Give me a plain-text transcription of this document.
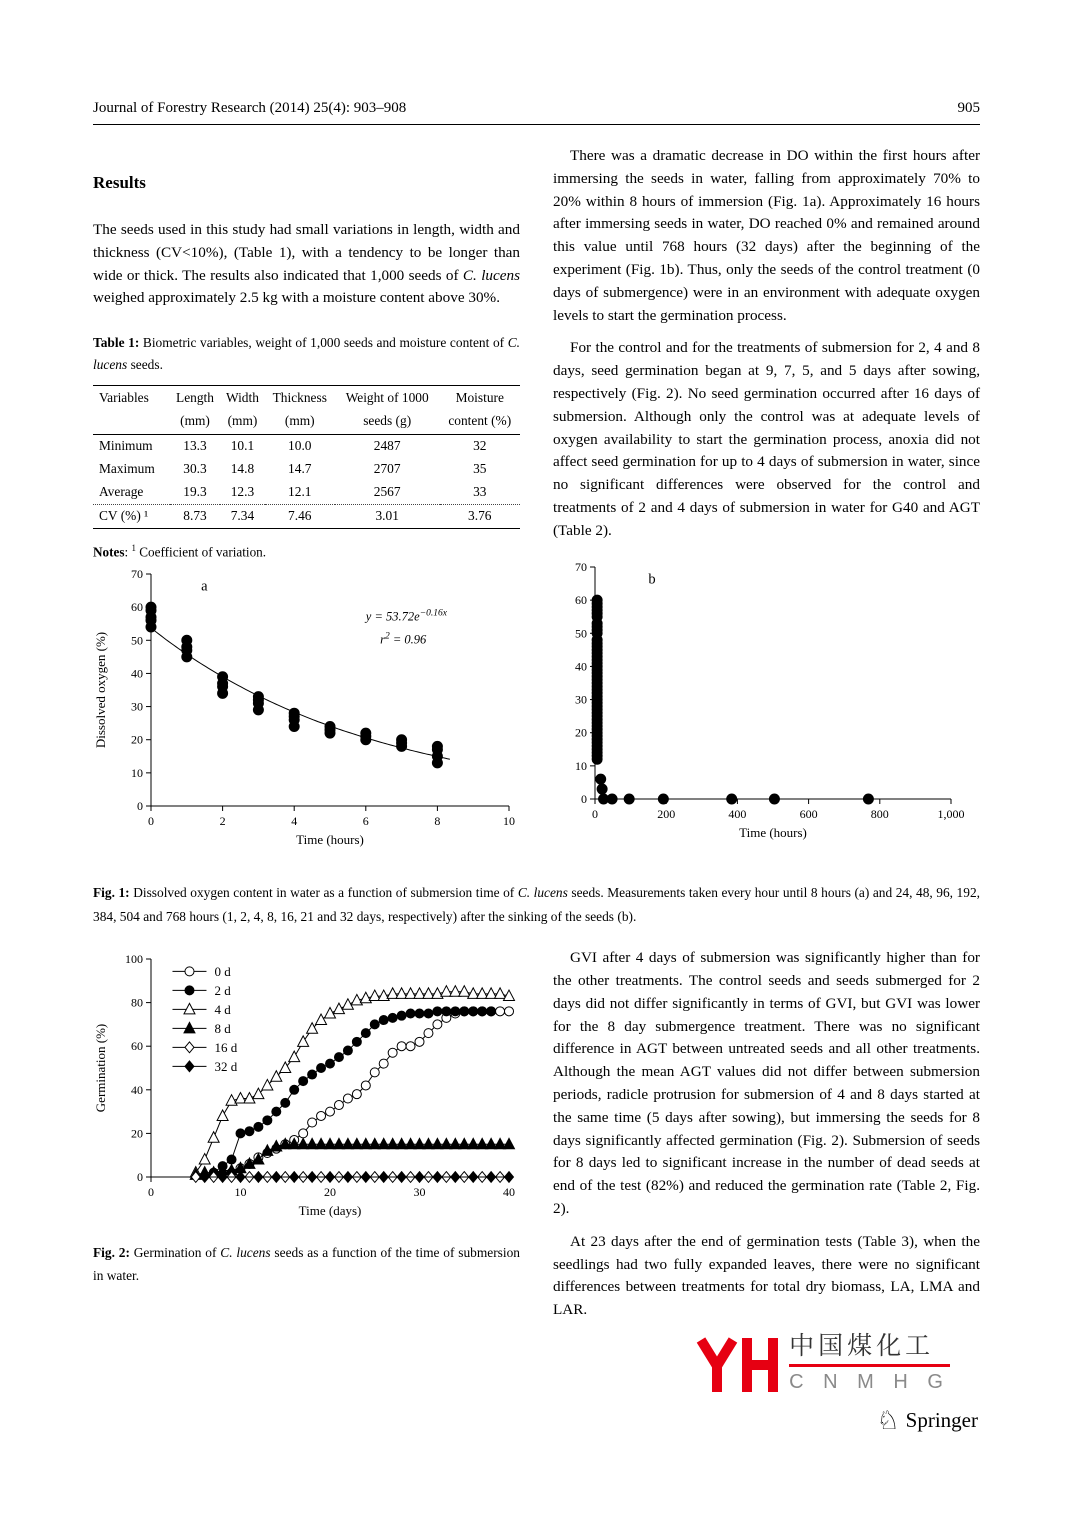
Journal of Forestry Research (2014) 25(4): 903–908	905
Results

The seeds used in this study had small variations in length, width and thickness (CV<10%), (Table 1), with a tendency to be longer than wide or thick. The results also indicated that 1,000 seeds of C. lucens weighed approximately 2.5 kg with a moisture content above 30%.

Table 1: Biometric variables, weight of 1,000 seeds and moisture content of C. lucens seeds.

Variables	Length	Width	Thickness	Weight of 1000	Moisture
	(mm)	(mm)	(mm)	seeds (g)	content (%)
Minimum	13.3	10.1	10.0	2487	32
Maximum	30.3	14.8	14.7	2707	35
Average	19.3	12.3	12.1	2567	33
CV (%) ¹	8.73	7.34	7.46	3.01	3.76

Notes: $^1$ Coefficient of variation.

0
10
20
30
40
50
60
70
0	2	4	6	8	10
Time (hours)
Dissolved oxygen (%)
a
$y = 53.72e^{-0.16x}$
$r^2 = 0.96$

There was a dramatic decrease in DO within the first hours after immersing the seeds in water, falling from approximately 70% to 20% within 8 hours of immersion (Fig. 1a). Approximately 16 hours after immersing seeds in water, DO reached 0% and remained around this value until 768 hours (32 days) after the beginning of the experiment (Fig. 1b). Thus, only the seeds of the control treatment (0 days of submergence) were in an environment with adequate oxygen levels to start the germination process.

For the control and for the treatments of submersion for 2, 4 and 8 days, seed germination began at 9, 7, 5, and 5 days after sowing, respectively (Fig. 2). No seed germination occurred after 16 days of submersion. Although only the control was at adequate levels of oxygen availability to start the germination process, anoxia did not affect seed germination for up to 4 days of submersion in water, since no significant differences were observed for the control and treatments of 2 and 4 days of submersion in water for G40 and AGT (Table 2).

0
10
20
30
40
50
60
70
0	200	400	600	800	1,000
Time (hours)
b

Fig. 1: Dissolved oxygen content in water as a function of submersion time of C. lucens seeds. Measurements taken every hour until 8 hours (a) and 24, 48, 96, 192, 384, 504 and 768 hours (1, 2, 4, 8, 16, 21 and 32 days, respectively) after the sinking of the seeds (b).

0
20
40
60
80
100
0	10	20	30	40
Time (days)
Germination (%)
0 d
2 d
4 d
8 d
16 d
32 d

Fig. 2: Germination of C. lucens seeds as a function of the time of submersion in water.

GVI after 4 days of submersion was significantly higher than for the other treatments. The control seeds and seeds submerged for 2 days did not differ significantly in terms of GVI, but GVI was lower for the 8 day submergence treatment. There was no significant difference in AGT between untreated seeds and all other treatments. Although the mean AGT values did not differ between submersion periods, radicle protrusion for submersion of 4 and 8 days started at the same time (5 days after sowing), but immersing the seeds for 8 days significantly affected germination (Fig. 2). Submersion of seeds for 8 days led to significant increase in the number of dead seeds at end of the test (82%) and reduced the germination rate (Table 2, Fig. 2).

At 23 days after the end of germination tests (Table 3), when the seedlings had two fully expanded leaves, there were no significant differences between treatments for total dry biomass, LA, LMA and LAR.

中国煤化工
C N M H G
♘ Springer
